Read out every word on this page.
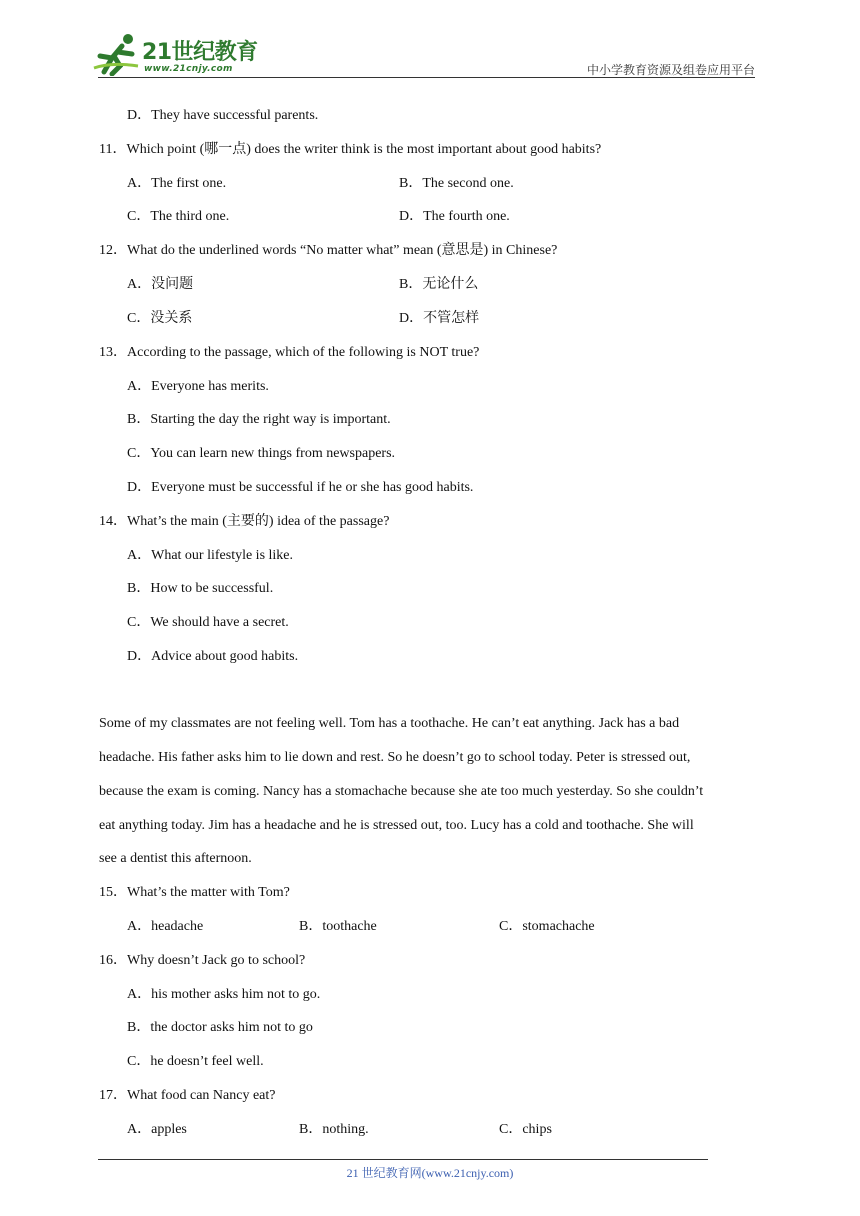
21世纪教育
www.21cnjy.com	中小学教育资源及组卷应用平台
D．They have successful parents.
11．Which point (哪一点) does the writer think is the most important about good habits?
A．The first one.	B．The second one.
C．The third one.	D．The fourth one.
12．What do the underlined words “No matter what” mean (意思是) in Chinese?
A．没问题	B．无论什么
C．没关系	D．不管怎样
13．According to the passage, which of the following is NOT true?
A．Everyone has merits.
B．Starting the day the right way is important.
C．You can learn new things from newspapers.
D．Everyone must be successful if he or she has good habits.
14．What’s the main (主要的) idea of the passage?
A．What our lifestyle is like.
B．How to be successful.
C．We should have a secret.
D．Advice about good habits.
Some of my classmates are not feeling well. Tom has a toothache. He can’t eat anything. Jack has a bad
headache. His father asks him to lie down and rest. So he doesn’t go to school today. Peter is stressed out,
because the exam is coming. Nancy has a stomachache because she ate too much yesterday. So she couldn’t
eat anything today. Jim has a headache and he is stressed out, too. Lucy has a cold and toothache. She will
see a dentist this afternoon.
15．What’s the matter with Tom?
A．headache	B．toothache	C．stomachache
16．Why doesn’t Jack go to school?
A．his mother asks him not to go.
B．the doctor asks him not to go
C．he doesn’t feel well.
17．What food can Nancy eat?
A．apples	B．nothing.	C．chips
21 世纪教育网(www.21cnjy.com)
